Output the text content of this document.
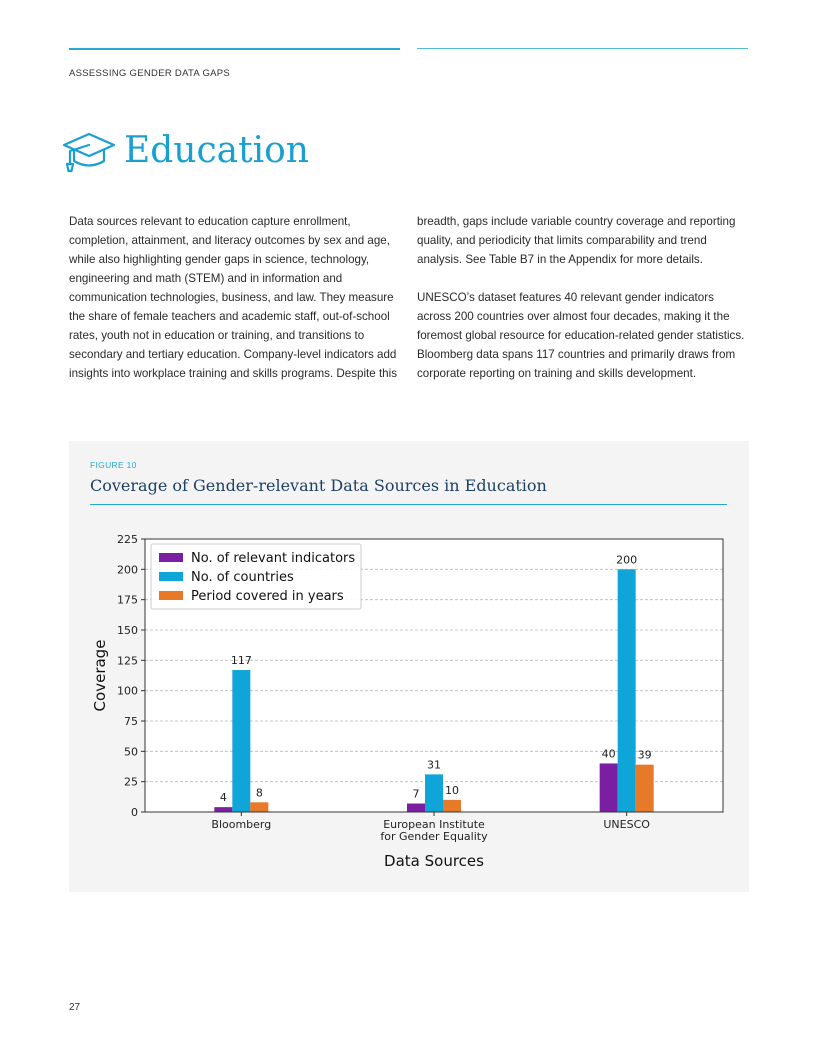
ASSESSING GENDER DATA GAPS
Education

Data sources relevant to education capture enrollment, completion, attainment, and literacy outcomes by sex and age, while also highlighting gender gaps in science, technology, engineering and math (STEM) and in information and communication technologies, business, and law. They measure the share of female teachers and academic staff, out-of-school rates, youth not in education or training, and transitions to secondary and tertiary education. Company-level indicators add insights into workplace training and skills programs. Despite this

breadth, gaps include variable country coverage and reporting quality, and periodicity that limits comparability and trend analysis. See Table B7 in the Appendix for more details.

UNESCO’s dataset features 40 relevant gender indicators across 200 countries over almost four decades, making it the foremost global resource for education-related gender statistics. Bloomberg data spans 117 countries and primarily draws from corporate reporting on training and skills development.

FIGURE 10
Coverage of Gender-relevant Data Sources in Education
0
25
50
75
100
125
150
175
200
225
4
117
8
Bloomberg
7
31
10
European Institute
for Gender Equality
40
200
39
UNESCO
Data Sources
Coverage
No. of relevant indicators
No. of countries
Period covered in years
27
